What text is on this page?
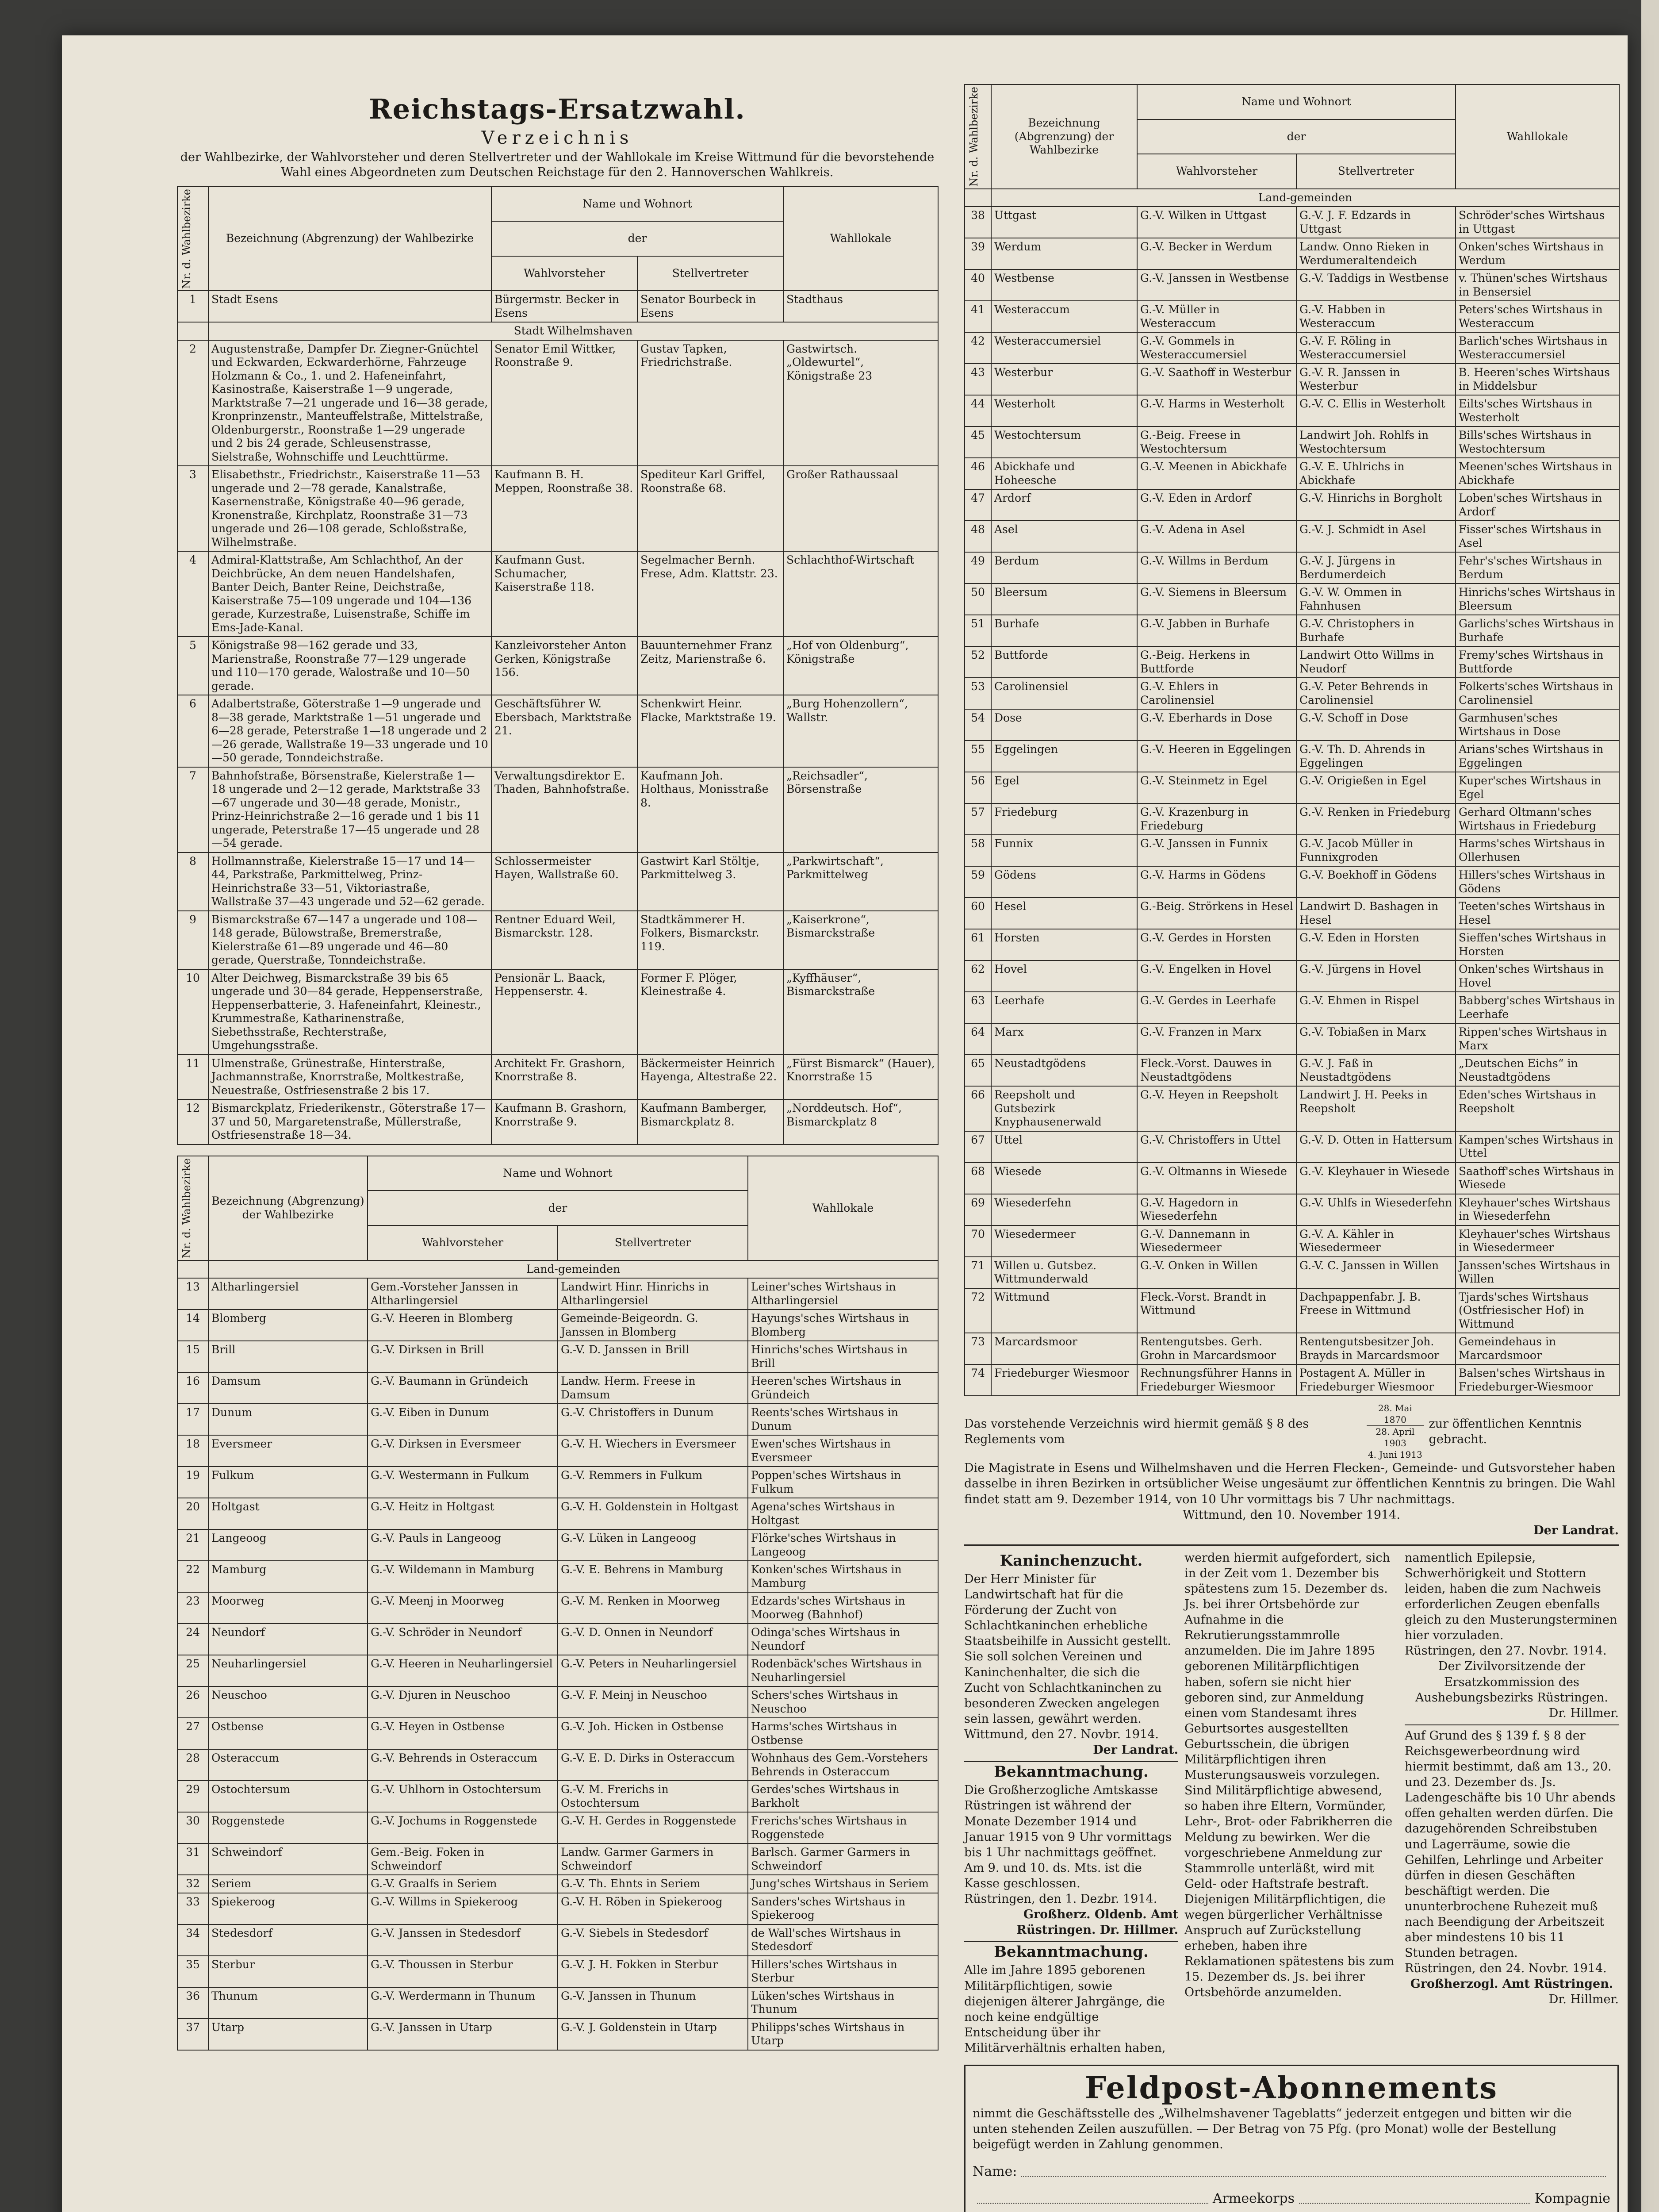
Reichstags-Ersatzwahl.
Verzeichnis
der Wahlbezirke, der Wahlvorsteher und deren Stellvertreter und der Wahllokale im Kreise Wittmund für die bevorstehende Wahl eines Abgeordneten zum Deutschen Reichstage für den 2. Hannoverschen Wahlkreis.
Nr. d. Wahlbezirke	Bezeichnung (Abgrenzung) der Wahlbezirke	Name und Wohnort		Wahllokale
		der		
		Wahlvorsteher	Stellvertreter	
1	Stadt Esens	Bürgermstr. Becker in Esens	Senator Bourbeck in Esens	Stadthaus
	Stadt Wilhelmshaven			
2	Augustenstraße, Dampfer Dr. Ziegner-Gnüchtel und Eckwarden, Eckwarderhörne, Fahrzeuge Holzmann & Co., 1. und 2. Hafeneinfahrt, Kasinostraße, Kaiserstraße 1—9 ungerade, Marktstraße 7—21 ungerade und 16—38 gerade, Kronprinzenstr., Manteuffelstraße, Mittelstraße, Oldenburgerstr., Roonstraße 1—29 ungerade und 2 bis 24 gerade, Schleusenstrasse, Sielstraße, Wohnschiffe und Leuchttürme.	Senator Emil Wittker, Roonstraße 9.	Gustav Tapken, Friedrichstraße.	Gastwirtsch. „Oldewurtel“, Königstraße 23
3	Elisabethstr., Friedrichstr., Kaiserstraße 11—53 ungerade und 2—78 gerade, Kanalstraße, Kasernenstraße, Königstraße 40—96 gerade, Kronenstraße, Kirchplatz, Roonstraße 31—73 ungerade und 26—108 gerade, Schloßstraße, Wilhelmstraße.	Kaufmann B. H. Meppen, Roonstraße 38.	Spediteur Karl Griffel, Roonstraße 68.	Großer Rathaussaal
4	Admiral-Klattstraße, Am Schlachthof, An der Deichbrücke, An dem neuen Handelshafen, Banter Deich, Banter Reine, Deichstraße, Kaiserstraße 75—109 ungerade und 104—136 gerade, Kurzestraße, Luisenstraße, Schiffe im Ems-Jade-Kanal.	Kaufmann Gust. Schumacher, Kaiserstraße 118.	Segelmacher Bernh. Frese, Adm. Klattstr. 23.	Schlachthof-Wirtschaft
5	Königstraße 98—162 gerade und 33, Marienstraße, Roonstraße 77—129 ungerade und 110—170 gerade, Walostraße und 10—50 gerade.	Kanzleivorsteher Anton Gerken, Königstraße 156.	Bauunternehmer Franz Zeitz, Marienstraße 6.	„Hof von Oldenburg“, Königstraße
6	Adalbertstraße, Göterstraße 1—9 ungerade und 8—38 gerade, Marktstraße 1—51 ungerade und 6—28 gerade, Peterstraße 1—18 ungerade und 2—26 gerade, Wallstraße 19—33 ungerade und 10—50 gerade, Tonndeichstraße.	Geschäftsführer W. Ebersbach, Marktstraße 21.	Schenkwirt Heinr. Flacke, Marktstraße 19.	„Burg Hohenzollern“, Wallstr.
7	Bahnhofstraße, Börsenstraße, Kielerstraße 1—18 ungerade und 2—12 gerade, Marktstraße 33—67 ungerade und 30—48 gerade, Monistr., Prinz-Heinrichstraße 2—16 gerade und 1 bis 11 ungerade, Peterstraße 17—45 ungerade und 28—54 gerade.	Verwaltungsdirektor E. Thaden, Bahnhofstraße.	Kaufmann Joh. Holthaus, Monisstraße 8.	„Reichsadler“, Börsenstraße
8	Hollmannstraße, Kielerstraße 15—17 und 14—44, Parkstraße, Parkmittelweg, Prinz-Heinrichstraße 33—51, Viktoriastraße, Wallstraße 37—43 ungerade und 52—62 gerade.	Schlossermeister Hayen, Wallstraße 60.	Gastwirt Karl Stöltje, Parkmittelweg 3.	„Parkwirtschaft“, Parkmittelweg
9	Bismarckstraße 67—147 a ungerade und 108—148 gerade, Bülowstraße, Bremerstraße, Kielerstraße 61—89 ungerade und 46—80 gerade, Querstraße, Tonndeichstraße.	Rentner Eduard Weil, Bismarckstr. 128.	Stadtkämmerer H. Folkers, Bismarckstr. 119.	„Kaiserkrone“, Bismarckstraße
10	Alter Deichweg, Bismarckstraße 39 bis 65 ungerade und 30—84 gerade, Heppenserstraße, Heppenserbatterie, 3. Hafeneinfahrt, Kleinestr., Krummestraße, Katharinenstraße, Siebethsstraße, Rechterstraße, Umgehungsstraße.	Pensionär L. Baack, Heppenserstr. 4.	Former F. Plöger, Kleinestraße 4.	„Kyffhäuser“, Bismarckstraße
11	Ulmenstraße, Grünestraße, Hinterstraße, Jachmannstraße, Knorrstraße, Moltkestraße, Neuestraße, Ostfriesenstraße 2 bis 17.	Architekt Fr. Grashorn, Knorrstraße 8.	Bäckermeister Heinrich Hayenga, Altestraße 22.	„Fürst Bismarck“ (Hauer), Knorrstraße 15
12	Bismarckplatz, Friederikenstr., Göterstraße 17—37 und 50, Margaretenstraße, Müllerstraße, Ostfriesenstraße 18—34.	Kaufmann B. Grashorn, Knorrstraße 9.	Kaufmann Bamberger, Bismarckplatz 8.	„Norddeutsch. Hof“, Bismarckplatz 8
Nr. d. Wahlbezirke	Bezeichnung (Abgrenzung) der Wahlbezirke	Name und Wohnort		Wahllokale
		der		
		Wahlvorsteher	Stellvertreter	
	Land-gemeinden			
13	Altharlingersiel	Gem.-Vorsteher Janssen in Altharlingersiel	Landwirt Hinr. Hinrichs in Altharlingersiel	Leiner'sches Wirtshaus in Altharlingersiel
14	Blomberg	G.-V. Heeren in Blomberg	Gemeinde-Beigeordn. G. Janssen in Blomberg	Hayungs'sches Wirtshaus in Blomberg
15	Brill	G.-V. Dirksen in Brill	G.-V. D. Janssen in Brill	Hinrichs'sches Wirtshaus in Brill
16	Damsum	G.-V. Baumann in Gründeich	Landw. Herm. Freese in Damsum	Heeren'sches Wirtshaus in Gründeich
17	Dunum	G.-V. Eiben in Dunum	G.-V. Christoffers in Dunum	Reents'sches Wirtshaus in Dunum
18	Eversmeer	G.-V. Dirksen in Eversmeer	G.-V. H. Wiechers in Eversmeer	Ewen'sches Wirtshaus in Eversmeer
19	Fulkum	G.-V. Westermann in Fulkum	G.-V. Remmers in Fulkum	Poppen'sches Wirtshaus in Fulkum
20	Holtgast	G.-V. Heitz in Holtgast	G.-V. H. Goldenstein in Holtgast	Agena'sches Wirtshaus in Holtgast
21	Langeoog	G.-V. Pauls in Langeoog	G.-V. Lüken in Langeoog	Flörke'sches Wirtshaus in Langeoog
22	Mamburg	G.-V. Wildemann in Mamburg	G.-V. E. Behrens in Mamburg	Konken'sches Wirtshaus in Mamburg
23	Moorweg	G.-V. Meenj in Moorweg	G.-V. M. Renken in Moorweg	Edzards'sches Wirtshaus in Moorweg (Bahnhof)
24	Neundorf	G.-V. Schröder in Neundorf	G.-V. D. Onnen in Neundorf	Odinga'sches Wirtshaus in Neundorf
25	Neuharlingersiel	G.-V. Heeren in Neuharlingersiel	G.-V. Peters in Neuharlingersiel	Rodenbäck'sches Wirtshaus in Neuharlingersiel
26	Neuschoo	G.-V. Djuren in Neuschoo	G.-V. F. Meinj in Neuschoo	Schers'sches Wirtshaus in Neuschoo
27	Ostbense	G.-V. Heyen in Ostbense	G.-V. Joh. Hicken in Ostbense	Harms'sches Wirtshaus in Ostbense
28	Osteraccum	G.-V. Behrends in Osteraccum	G.-V. E. D. Dirks in Osteraccum	Wohnhaus des Gem.-Vorstehers Behrends in Osteraccum
29	Ostochtersum	G.-V. Uhlhorn in Ostochtersum	G.-V. M. Frerichs in Ostochtersum	Gerdes'sches Wirtshaus in Barkholt
30	Roggenstede	G.-V. Jochums in Roggenstede	G.-V. H. Gerdes in Roggenstede	Frerichs'sches Wirtshaus in Roggenstede
31	Schweindorf	Gem.-Beig. Foken in Schweindorf	Landw. Garmer Garmers in Schweindorf	Barlsch. Garmer Garmers in Schweindorf
32	Seriem	G.-V. Graalfs in Seriem	G.-V. Th. Ehnts in Seriem	Jung'sches Wirtshaus in Seriem
33	Spiekeroog	G.-V. Willms in Spiekeroog	G.-V. H. Röben in Spiekeroog	Sanders'sches Wirtshaus in Spiekeroog
34	Stedesdorf	G.-V. Janssen in Stedesdorf	G.-V. Siebels in Stedesdorf	de Wall'sches Wirtshaus in Stedesdorf
35	Sterbur	G.-V. Thoussen in Sterbur	G.-V. J. H. Fokken in Sterbur	Hillers'sches Wirtshaus in Sterbur
36	Thunum	G.-V. Werdermann in Thunum	G.-V. Janssen in Thunum	Lüken'sches Wirtshaus in Thunum
37	Utarp	G.-V. Janssen in Utarp	G.-V. J. Goldenstein in Utarp	Philipps'sches Wirtshaus in Utarp
Nr. d. Wahlbezirke	Bezeichnung (Abgrenzung) der Wahlbezirke	Name und Wohnort		Wahllokale
		der		
		Wahlvorsteher	Stellvertreter	
	Land-gemeinden			
38	Uttgast	G.-V. Wilken in Uttgast	G.-V. J. F. Edzards in Uttgast	Schröder'sches Wirtshaus in Uttgast
39	Werdum	G.-V. Becker in Werdum	Landw. Onno Rieken in Werdumeraltendeich	Onken'sches Wirtshaus in Werdum
40	Westbense	G.-V. Janssen in Westbense	G.-V. Taddigs in Westbense	v. Thünen'sches Wirtshaus in Bensersiel
41	Westeraccum	G.-V. Müller in Westeraccum	G.-V. Habben in Westeraccum	Peters'sches Wirtshaus in Westeraccum
42	Westeraccumersiel	G.-V. Gommels in Westeraccumersiel	G.-V. F. Röling in Westeraccumersiel	Barlich'sches Wirtshaus in Westeraccumersiel
43	Westerbur	G.-V. Saathoff in Westerbur	G.-V. R. Janssen in Westerbur	B. Heeren'sches Wirtshaus in Middelsbur
44	Westerholt	G.-V. Harms in Westerholt	G.-V. C. Ellis in Westerholt	Eilts'sches Wirtshaus in Westerholt
45	Westochtersum	G.-Beig. Freese in Westochtersum	Landwirt Joh. Rohlfs in Westochtersum	Bills'sches Wirtshaus in Westochtersum
46	Abickhafe und Hoheesche	G.-V. Meenen in Abickhafe	G.-V. E. Uhlrichs in Abickhafe	Meenen'sches Wirtshaus in Abickhafe
47	Ardorf	G.-V. Eden in Ardorf	G.-V. Hinrichs in Borgholt	Loben'sches Wirtshaus in Ardorf
48	Asel	G.-V. Adena in Asel	G.-V. J. Schmidt in Asel	Fisser'sches Wirtshaus in Asel
49	Berdum	G.-V. Willms in Berdum	G.-V. J. Jürgens in Berdumerdeich	Fehr's'sches Wirtshaus in Berdum
50	Bleersum	G.-V. Siemens in Bleersum	G.-V. W. Ommen in Fahnhusen	Hinrichs'sches Wirtshaus in Bleersum
51	Burhafe	G.-V. Jabben in Burhafe	G.-V. Christophers in Burhafe	Garlichs'sches Wirtshaus in Burhafe
52	Buttforde	G.-Beig. Herkens in Buttforde	Landwirt Otto Willms in Neudorf	Fremy'sches Wirtshaus in Buttforde
53	Carolinensiel	G.-V. Ehlers in Carolinensiel	G.-V. Peter Behrends in Carolinensiel	Folkerts'sches Wirtshaus in Carolinensiel
54	Dose	G.-V. Eberhards in Dose	G.-V. Schoff in Dose	Garmhusen'sches Wirtshaus in Dose
55	Eggelingen	G.-V. Heeren in Eggelingen	G.-V. Th. D. Ahrends in Eggelingen	Arians'sches Wirtshaus in Eggelingen
56	Egel	G.-V. Steinmetz in Egel	G.-V. Origießen in Egel	Kuper'sches Wirtshaus in Egel
57	Friedeburg	G.-V. Krazenburg in Friedeburg	G.-V. Renken in Friedeburg	Gerhard Oltmann'sches Wirtshaus in Friedeburg
58	Funnix	G.-V. Janssen in Funnix	G.-V. Jacob Müller in Funnixgroden	Harms'sches Wirtshaus in Ollerhusen
59	Gödens	G.-V. Harms in Gödens	G.-V. Boekhoff in Gödens	Hillers'sches Wirtshaus in Gödens
60	Hesel	G.-Beig. Strörkens in Hesel	Landwirt D. Bashagen in Hesel	Teeten'sches Wirtshaus in Hesel
61	Horsten	G.-V. Gerdes in Horsten	G.-V. Eden in Horsten	Sieffen'sches Wirtshaus in Horsten
62	Hovel	G.-V. Engelken in Hovel	G.-V. Jürgens in Hovel	Onken'sches Wirtshaus in Hovel
63	Leerhafe	G.-V. Gerdes in Leerhafe	G.-V. Ehmen in Rispel	Babberg'sches Wirtshaus in Leerhafe
64	Marx	G.-V. Franzen in Marx	G.-V. Tobiaßen in Marx	Rippen'sches Wirtshaus in Marx
65	Neustadtgödens	Fleck.-Vorst. Dauwes in Neustadtgödens	G.-V. J. Faß in Neustadtgödens	„Deutschen Eichs“ in Neustadtgödens
66	Reepsholt und Gutsbezirk Knyphausenerwald	G.-V. Heyen in Reepsholt	Landwirt J. H. Peeks in Reepsholt	Eden'sches Wirtshaus in Reepsholt
67	Uttel	G.-V. Christoffers in Uttel	G.-V. D. Otten in Hattersum	Kampen'sches Wirtshaus in Uttel
68	Wiesede	G.-V. Oltmanns in Wiesede	G.-V. Kleyhauer in Wiesede	Saathoff'sches Wirtshaus in Wiesede
69	Wiesederfehn	G.-V. Hagedorn in Wiesederfehn	G.-V. Uhlfs in Wiesederfehn	Kleyhauer'sches Wirtshaus in Wiesederfehn
70	Wiesedermeer	G.-V. Dannemann in Wiesedermeer	G.-V. A. Kähler in Wiesedermeer	Kleyhauer'sches Wirtshaus in Wiesedermeer
71	Willen u. Gutsbez. Wittmunderwald	G.-V. Onken in Willen	G.-V. C. Janssen in Willen	Janssen'sches Wirtshaus in Willen
72	Wittmund	Fleck.-Vorst. Brandt in Wittmund	Dachpappenfabr. J. B. Freese in Wittmund	Tjards'sches Wirtshaus (Ostfriesischer Hof) in Wittmund
73	Marcardsmoor	Rentengutsbes. Gerh. Grohn in Marcardsmoor	Rentengutsbesitzer Joh. Brayds in Marcardsmoor	Gemeindehaus in Marcardsmoor
74	Friedeburger Wiesmoor	Rechnungsführer Hanns in Friedeburger Wiesmoor	Postagent A. Müller in Friedeburger Wiesmoor	Balsen'sches Wirtshaus in Friedeburger-Wiesmoor
Das vorstehende Verzeichnis wird hiermit gemäß § 8 des Reglements vom
28. Mai 1870
28. April 1903
4. Juni 1913
zur öffentlichen Kenntnis gebracht.
Die Magistrate in Esens und Wilhelmshaven und die Herren Flecken-, Gemeinde- und Gutsvorsteher haben dasselbe in ihren Bezirken in ortsüblicher Weise ungesäumt zur öffentlichen Kenntnis zu bringen. Die Wahl findet statt am 9. Dezember 1914, von 10 Uhr vormittags bis 7 Uhr nachmittags.
Wittmund, den 10. November 1914.
Der Landrat.
Kaninchenzucht.
Der Herr Minister für Landwirtschaft hat für die Förderung der Zucht von Schlachtkaninchen erhebliche Staatsbeihilfe in Aussicht gestellt. Sie soll solchen Vereinen und Kaninchenhalter, die sich die Zucht von Schlachtkaninchen zu besonderen Zwecken angelegen sein lassen, gewährt werden.
Wittmund, den 27. Novbr. 1914.
Der Landrat.
Bekanntmachung.
Die Großherzogliche Amtskasse Rüstringen ist während der Monate Dezember 1914 und Januar 1915 von 9 Uhr vormittags bis 1 Uhr nachmittags geöffnet. Am 9. und 10. ds. Mts. ist die Kasse geschlossen.
Rüstringen, den 1. Dezbr. 1914.
Großherz. Oldenb. Amt Rüstringen. Dr. Hillmer.
Bekanntmachung.
Alle im Jahre 1895 geborenen Militärpflichtigen, sowie diejenigen älterer Jahrgänge, die noch keine endgültige Entscheidung über ihr Militärverhältnis erhalten haben,
werden hiermit aufgefordert, sich in der Zeit vom 1. Dezember bis spätestens zum 15. Dezember ds. Js. bei ihrer Ortsbehörde zur Aufnahme in die Rekrutierungsstammrolle anzumelden. Die im Jahre 1895 geborenen Militärpflichtigen haben, sofern sie nicht hier geboren sind, zur Anmeldung einen vom Standesamt ihres Geburtsortes ausgestellten Geburtsschein, die übrigen Militärpflichtigen ihren Musterungsausweis vorzulegen. Sind Militärpflichtige abwesend, so haben ihre Eltern, Vormünder, Lehr-, Brot- oder Fabrikherren die Meldung zu bewirken. Wer die vorgeschriebene Anmeldung zur Stammrolle unterläßt, wird mit Geld- oder Haftstrafe bestraft. Diejenigen Militärpflichtigen, die wegen bürgerlicher Verhältnisse Anspruch auf Zurückstellung erheben, haben ihre Reklamationen spätestens bis zum 15. Dezember ds. Js. bei ihrer Ortsbehörde anzumelden.
namentlich Epilepsie, Schwerhörigkeit und Stottern leiden, haben die zum Nachweis erforderlichen Zeugen ebenfalls gleich zu den Musterungsterminen hier vorzuladen.
Rüstringen, den 27. Novbr. 1914.
Der Zivilvorsitzende der Ersatzkommission des Aushebungsbezirks Rüstringen.
Dr. Hillmer.
Auf Grund des § 139 f. § 8 der Reichsgewerbeordnung wird hiermit bestimmt, daß am 13., 20. und 23. Dezember ds. Js. Ladengeschäfte bis 10 Uhr abends offen gehalten werden dürfen. Die dazugehörenden Schreibstuben und Lagerräume, sowie die Gehilfen, Lehrlinge und Arbeiter dürfen in diesen Geschäften beschäftigt werden. Die ununterbrochene Ruhezeit muß nach Beendigung der Arbeitszeit aber mindestens 10 bis 11 Stunden betragen.
Rüstringen, den 24. Novbr. 1914.
Großherzogl. Amt Rüstringen.
Dr. Hillmer.
Feldpost-Abonnements
nimmt die Geschäftsstelle des „Wilhelmshavener Tageblatts“ jederzeit entgegen und bitten wir die unten stehenden Zeilen auszufüllen. — Der Betrag von 75 Pfg. (pro Monat) wolle der Bestellung beigefügt werden in Zahlung genommen.
Name:
Armeekorps	Kompagnie
